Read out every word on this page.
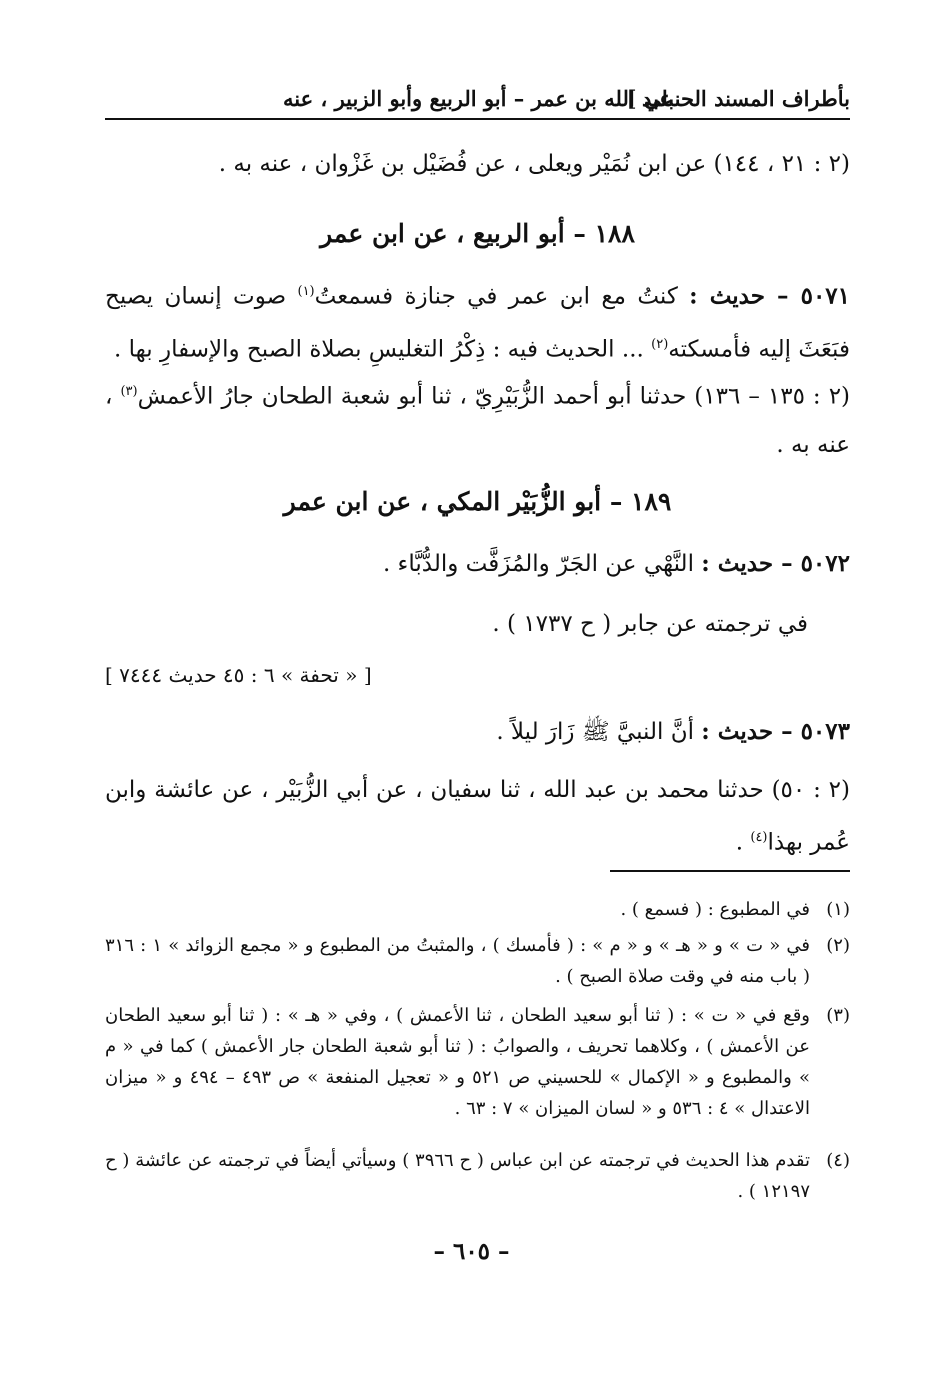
بأطراف المسند الحنبلي ]
عبد الله بن عمر – أبو الربيع وأبو الزبير ، عنه
(٢ : ٢١ ، ١٤٤) عن ابن نُمَيْر ويعلى ، عن فُضَيْل بن غَزْوان ، عنه به .
١٨٨ – أبو الربيع ، عن ابن عمر
٥٠٧١ – حديث : كنتُ مع ابن عمر في جنازة فسمعتُ$^{(١)}$ صوت إنسان يصيح فبَعَثَ إليه فأمسكته$^{(٢)}$ ... الحديث فيه : ذِكْرُ التغليسِ بصلاة الصبح والإسفارِ بها .
(٢ : ١٣٥ – ١٣٦) حدثنا أبو أحمد الزُّبَيْرِيّ ، ثنا أبو شعبة الطحان جارُ الأعمش$^{(٣)}$ ، عنه به .
١٨٩ – أبو الزُّبَيْر المكي ، عن ابن عمر
٥٠٧٢ – حديث : النَّهْي عن الجَرّ والمُزَفَّت والدُّبَّاء .
في ترجمته عن جابر ( ح ١٧٣٧ ) .
[ « تحفة » ٦ : ٤٥ حديث ٧٤٤٤ ]
٥٠٧٣ – حديث : أنَّ النبيَّ ﷺ زَارَ ليلاً .
(٢ : ٥٠) حدثنا محمد بن عبد الله ، ثنا سفيان ، عن أبي الزُّبَيْر ، عن عائشة وابن عُمر بهذا$^{(٤)}$ .
(١)
في المطبوع : ( فسمع ) .
(٢)
في « ت » و « هـ » و « م » : ( فأمسك ) ، والمثبتُ من المطبوع و « مجمع الزوائد » ١ : ٣١٦ ( باب منه في وقت صلاة الصبح ) .
(٣)
وقع في « ت » : ( ثنا أبو سعيد الطحان ، ثنا الأعمش ) ، وفي « هـ » : ( ثنا أبو سعيد الطحان عن الأعمش ) ، وكلاهما تحريف ، والصوابُ : ( ثنا أبو شعبة الطحان جار الأعمش ) كما في « م » والمطبوع و « الإكمال » للحسيني ص ٥٢١ و « تعجيل المنفعة » ص ٤٩٣ – ٤٩٤ و « ميزان الاعتدال » ٤ : ٥٣٦ و « لسان الميزان » ٧ : ٦٣ .
(٤)
تقدم هذا الحديث في ترجمته عن ابن عباس ( ح ٣٩٦٦ ) وسيأتي أيضاً في ترجمته عن عائشة ( ح ١٢١٩٧ ) .
– ٦٠٥ –
